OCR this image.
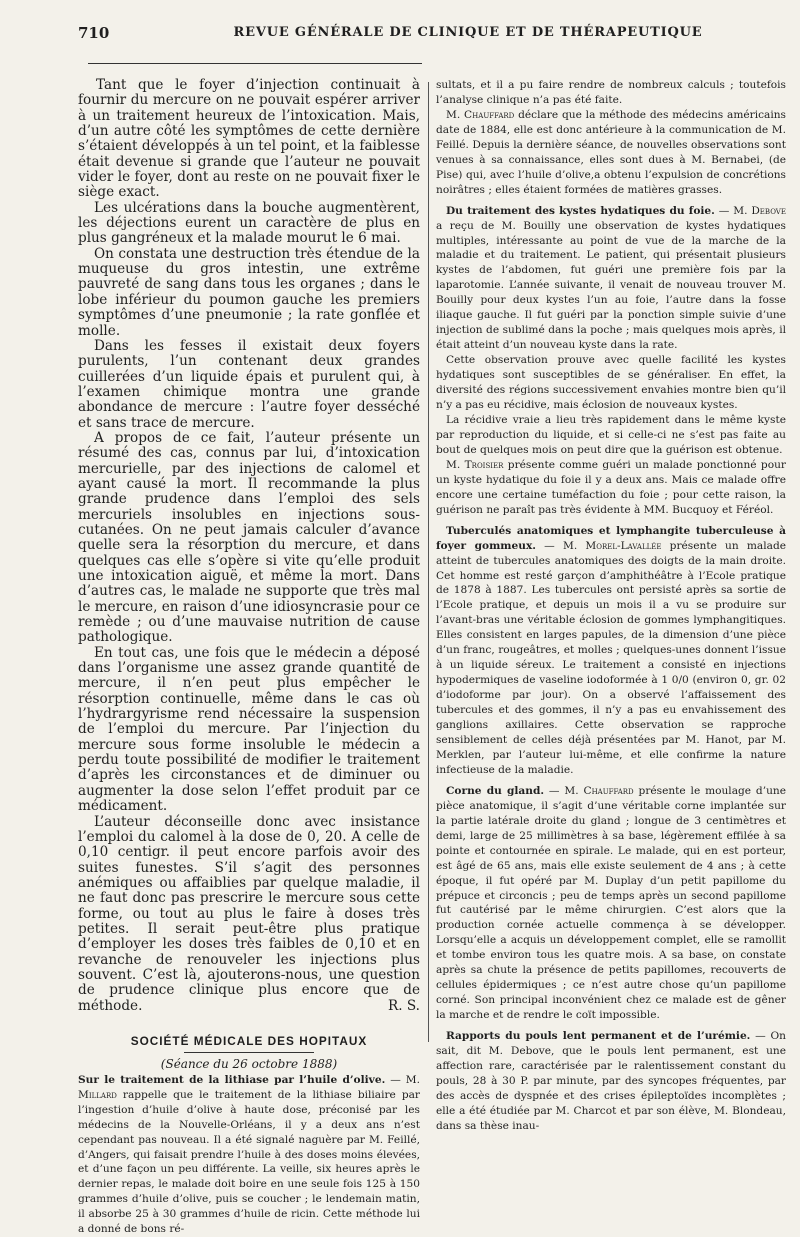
710	REVUE GÉNÉRALE DE CLINIQUE ET DE THÉRAPEUTIQUE

Tant que le foyer d’injection continuait à fournir du mercure on ne pouvait espérer arriver à un traitement heureux de l’intoxication. Mais, d’un autre côté les symptômes de cette dernière s’étaient développés à un tel point, et la faiblesse était devenue si grande que l’auteur ne pouvait vider le foyer, dont au reste on ne pouvait fixer le siège exact.

Les ulcérations dans la bouche augmentèrent, les déjections eurent un caractère de plus en plus gangréneux et la malade mourut le 6 mai.

On constata une destruction très étendue de la muqueuse du gros intestin, une extrême pauvreté de sang dans tous les organes ; dans le lobe inférieur du poumon gauche les premiers symptômes d’une pneumonie ; la rate gonflée et molle.

Dans les fesses il existait deux foyers purulents, l’un contenant deux grandes cuillerées d’un liquide épais et purulent qui, à l’examen chimique montra une grande abondance de mercure : l’autre foyer desséché et sans trace de mercure.

A propos de ce fait, l’auteur présente un résumé des cas, connus par lui, d’intoxication mercurielle, par des injections de calomel et ayant causé la mort. Il recommande la plus grande prudence dans l’emploi des sels mercuriels insolubles en injections sous-cutanées. On ne peut jamais calculer d’avance quelle sera la résorption du mercure, et dans quelques cas elle s’opère si vite qu’elle produit une intoxication aiguë, et même la mort. Dans d’autres cas, le malade ne supporte que très mal le mercure, en raison d’une idiosyncrasie pour ce remède ; ou d’une mauvaise nutrition de cause pathologique.

En tout cas, une fois que le médecin a déposé dans l’organisme une assez grande quantité de mercure, il n’en peut plus empêcher le résorption continuelle, même dans le cas où l’hydrargyrisme rend nécessaire la suspension de l’emploi du mercure. Par l’injection du mercure sous forme insoluble le médecin a perdu toute possibilité de modifier le traitement d’après les circonstances et de diminuer ou augmenter la dose selon l’effet produit par ce médicament.

L’auteur déconseille donc avec insistance l’emploi du calomel à la dose de 0, 20. A celle de 0,10 centigr. il peut encore parfois avoir des suites funestes. S’il s’agit des personnes anémiques ou affaiblies par quelque maladie, il ne faut donc pas prescrire le mercure sous cette forme, ou tout au plus le faire à doses très petites. Il serait peut-être plus pratique d’employer les doses très faibles de 0,10 et en revanche de renouveler les injections plus souvent. C’est là, ajouterons-nous, une question de prudence clinique plus encore que de méthode.	R. S.

SOCIÉTÉ MÉDICALE DES HOPITAUX
(Séance du 26 octobre 1888)

Sur le traitement de la lithiase par l’huile d’olive. — M. Millard rappelle que le traitement de la lithiase biliaire par l’ingestion d’huile d’olive à haute dose, préconisé par les médecins de la Nouvelle-Orléans, il y a deux ans n’est cependant pas nouveau. Il a été signalé naguère par M. Feillé, d’Angers, qui faisait prendre l’huile à des doses moins élevées, et d’une façon un peu différente. La veille, six heures après le dernier repas, le malade doit boire en une seule fois 125 à 150 grammes d’huile d’olive, puis se coucher ; le lendemain matin, il absorbe 25 à 30 grammes d’huile de ricin. Cette méthode lui a donné de bons ré-

sultats, et il a pu faire rendre de nombreux calculs ; toutefois l’analyse clinique n’a pas été faite.

M. Chauffard déclare que la méthode des médecins américains date de 1884, elle est donc antérieure à la communication de M. Feillé. Depuis la dernière séance, de nouvelles observations sont venues à sa connaissance, elles sont dues à M. Bernabei, (de Pise) qui, avec l’huile d’olive,a obtenu l’expulsion de concrétions noirâtres ; elles étaient formées de matières grasses.

Du traitement des kystes hydatiques du foie. — M. Debove a reçu de M. Bouilly une observation de kystes hydatiques multiples, intéressante au point de vue de la marche de la maladie et du traitement. Le patient, qui présentait plusieurs kystes de l’abdomen, fut guéri une première fois par la laparotomie. L’année suivante, il venait de nouveau trouver M. Bouilly pour deux kystes l’un au foie, l’autre dans la fosse iliaque gauche. Il fut guéri par la ponction simple suivie d’une injection de sublimé dans la poche ; mais quelques mois après, il était atteint d’un nouveau kyste dans la rate.

Cette observation prouve avec quelle facilité les kystes hydatiques sont susceptibles de se généraliser. En effet, la diversité des régions successivement envahies montre bien qu’il n’y a pas eu récidive, mais éclosion de nouveaux kystes.

La récidive vraie a lieu très rapidement dans le même kyste par reproduction du liquide, et si celle-ci ne s’est pas faite au bout de quelques mois on peut dire que la guérison est obtenue.

M. Troisier présente comme guéri un malade ponctionné pour un kyste hydatique du foie il y a deux ans. Mais ce malade offre encore une certaine tuméfaction du foie ; pour cette raison, la guérison ne paraît pas très évidente à MM. Bucquoy et Féréol.

Tuberculés anatomiques et lymphangite tuberculeuse à foyer gommeux. — M. Morel-Lavallée présente un malade atteint de tubercules anatomiques des doigts de la main droite. Cet homme est resté garçon d’amphithéâtre à l’Ecole pratique de 1878 à 1887. Les tubercules ont persisté après sa sortie de l’Ecole pratique, et depuis un mois il a vu se produire sur l’avant-bras une véritable éclosion de gommes lymphangitiques. Elles consistent en larges papules, de la dimension d’une pièce d’un franc, rougeâtres, et molles ; quelques-unes donnent l’issue à un liquide séreux. Le traitement a consisté en injections hypodermiques de vaseline iodoformée à 1 0/0 (environ 0, gr. 02 d’iodoforme par jour). On a observé l’affaissement des tubercules et des gommes, il n’y a pas eu envahissement des ganglions axillaires. Cette observation se rapproche sensiblement de celles déjà présentées par M. Hanot, par M. Merklen, par l’auteur lui-même, et elle confirme la nature infectieuse de la maladie.

Corne du gland. — M. Chauffard présente le moulage d’une pièce anatomique, il s’agit d’une véritable corne implantée sur la partie latérale droite du gland ; longue de 3 centimètres et demi, large de 25 millimètres à sa base, légèrement effilée à sa pointe et contournée en spirale. Le malade, qui en est porteur, est âgé de 65 ans, mais elle existe seulement de 4 ans ; à cette époque, il fut opéré par M. Duplay d’un petit papillome du prépuce et circoncis ; peu de temps après un second papillome fut cautérisé par le même chirurgien. C’est alors que la production cornée actuelle commença à se développer. Lorsqu’elle a acquis un développement complet, elle se ramollit et tombe environ tous les quatre mois. A sa base, on constate après sa chute la présence de petits papillomes, recouverts de cellules épidermiques ; ce n’est autre chose qu’un papillome corné. Son principal inconvénient chez ce malade est de gêner la marche et de rendre le coït impossible.

Rapports du pouls lent permanent et de l’urémie. — On sait, dit M. Debove, que le pouls lent permanent, est une affection rare, caractérisée par le ralentissement constant du pouls, 28 à 30 P. par minute, par des syncopes fréquentes, par des accès de dyspnée et des crises épileptoïdes incomplètes ; elle a été étudiée par M. Charcot et par son élève, M. Blondeau, dans sa thèse inau-
